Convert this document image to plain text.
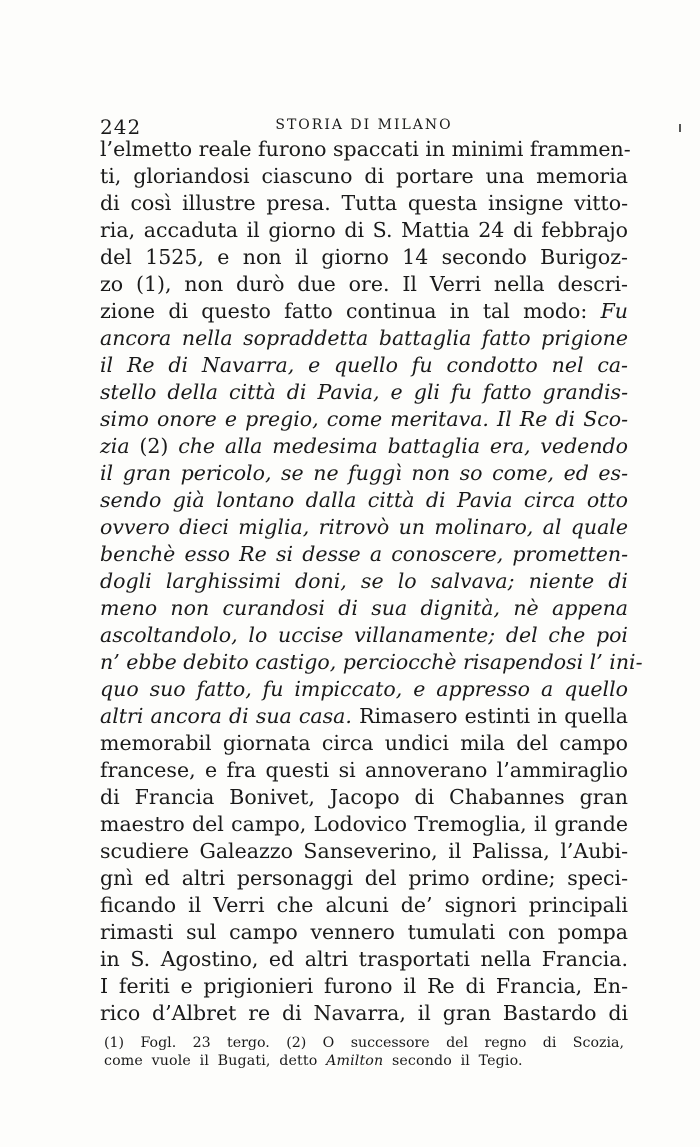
242	STORIA DI MILANO
l’elmetto reale furono spaccati in minimi frammen-
ti, gloriandosi ciascuno di portare una memoria
di così illustre presa. Tutta questa insigne vitto-
ria, accaduta il giorno di S. Mattia 24 di febbrajo
del 1525, e non il giorno 14 secondo Burigoz-
zo (1), non durò due ore. Il Verri nella descri-
zione di questo fatto continua in tal modo: Fu
ancora nella sopraddetta battaglia fatto prigione
il Re di Navarra, e quello fu condotto nel ca-
stello della città di Pavia, e gli fu fatto grandis-
simo onore e pregio, come meritava. Il Re di Sco-
zia (2) che alla medesima battaglia era, vedendo
il gran pericolo, se ne fuggì non so come, ed es-
sendo già lontano dalla città di Pavia circa otto
ovvero dieci miglia, ritrovò un molinaro, al quale
benchè esso Re si desse a conoscere, prometten-
dogli larghissimi doni, se lo salvava; niente di
meno non curandosi di sua dignità, nè appena
ascoltandolo, lo uccise villanamente; del che poi
n’ ebbe debito castigo, perciocchè risapendosi l’ ini-
quo suo fatto, fu impiccato, e appresso a quello
altri ancora di sua casa. Rimasero estinti in quella
memorabil giornata circa undici mila del campo
francese, e fra questi si annoverano l’ammiraglio
di Francia Bonivet, Jacopo di Chabannes gran
maestro del campo, Lodovico Tremoglia, il grande
scudiere Galeazzo Sanseverino, il Palissa, l’Aubi-
gnì ed altri personaggi del primo ordine; speci-
ficando il Verri che alcuni de’ signori principali
rimasti sul campo vennero tumulati con pompa
in S. Agostino, ed altri trasportati nella Francia.
I feriti e prigionieri furono il Re di Francia, En-
rico d’Albret re di Navarra, il gran Bastardo di
(1) Fogl. 23 tergo. (2) O successore del regno di Scozia,
come vuole il Bugati, detto Amilton secondo il Tegio.
